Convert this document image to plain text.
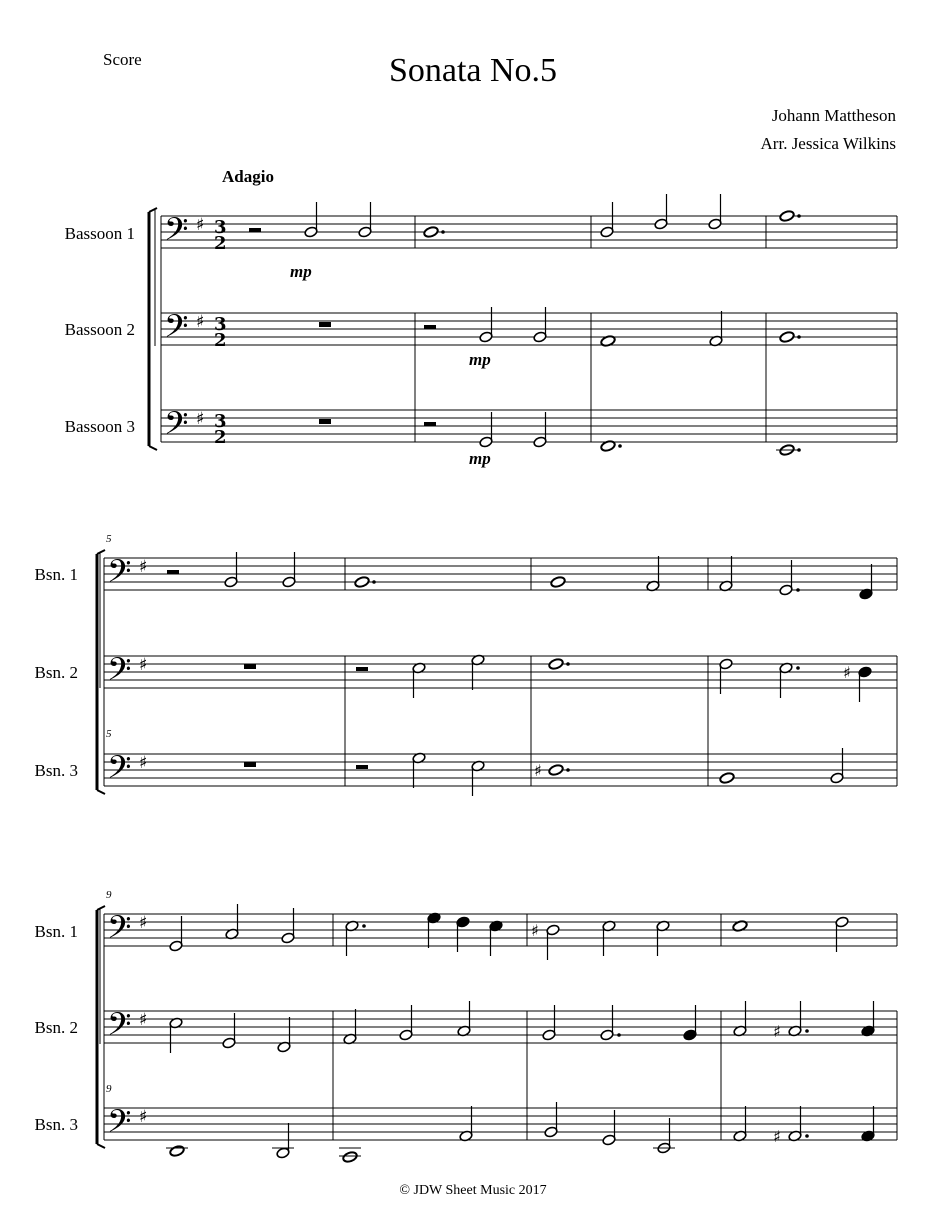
Score	Sonata No.5
Johann Mattheson
Arr. Jessica Wilkins
Adagio
Bassoon 1
Bassoon 2
Bassoon 3
Bsn. 1
Bsn. 2
Bsn. 3
Bsn. 1
Bsn. 2
Bsn. 3
5
5
9
9
mp
mp
mp
© JDW Sheet Music 2017
𝄢 ♯ 3
2
𝄢 ♯ 3
2
𝄢 ♯ 3
2
𝄢 ♯
𝄢 ♯
𝄢 ♯
𝄢 ♯
𝄢 ♯
𝄢 ♯
♯
♯
♯
♯
♯
